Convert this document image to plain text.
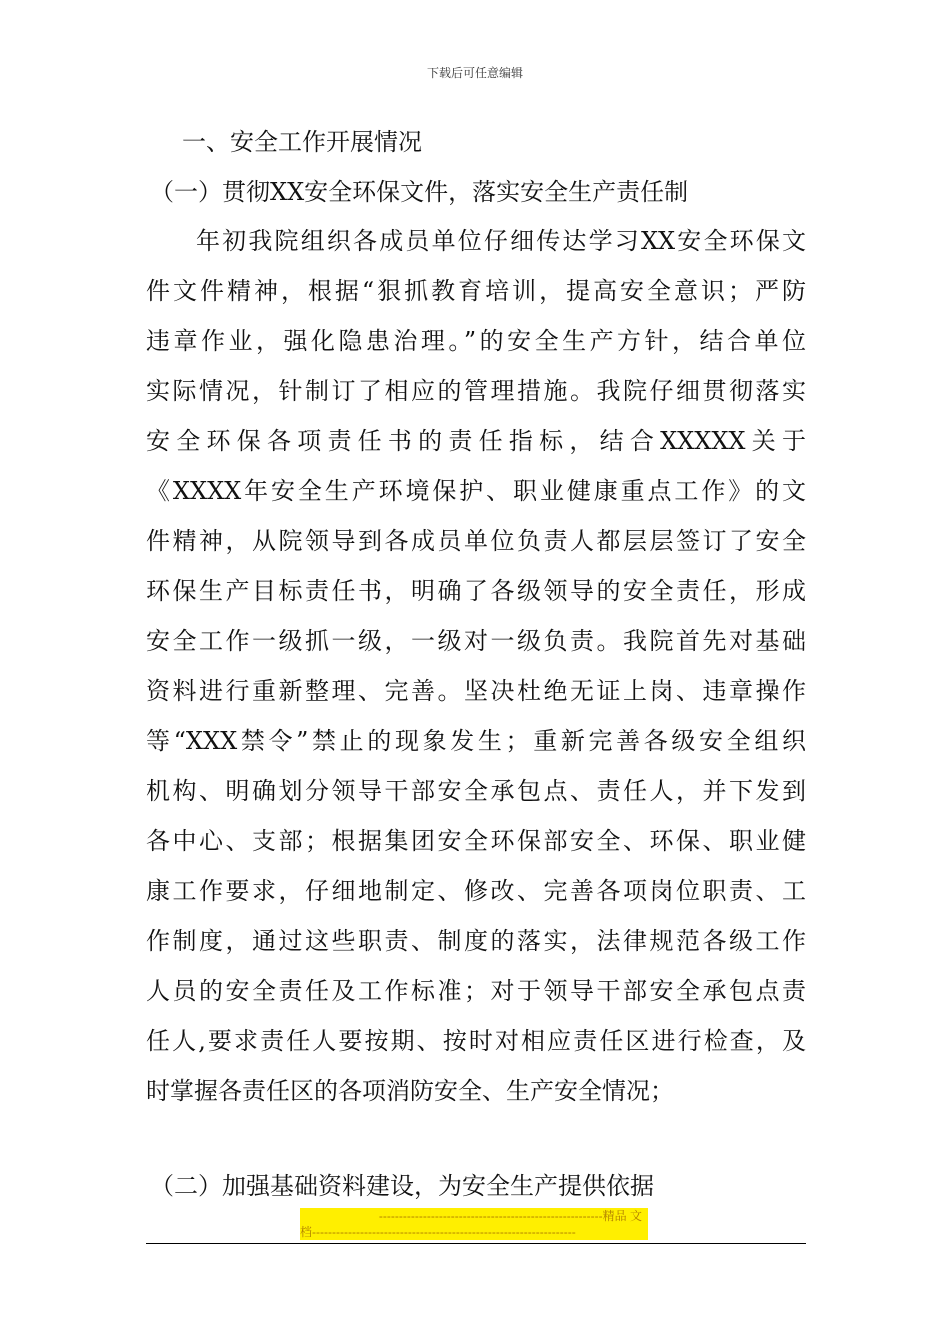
下载后可任意编辑
一、安全工作开展情况
（一）贯彻XX安全环保文件，落实安全生产责任制
年初我院组织各成员单位仔细传达学习XX安全环保文
件文件精神，根据“狠抓教育培训，提高安全意识；严防
违章作业，强化隐患治理。”的安全生产方针，结合单位
实际情况，针制订了相应的管理措施。我院仔细贯彻落实
安全环保各项责任书的责任指标，结合XXXXX关于
《XXXX年安全生产环境保护、职业健康重点工作》的文
件精神，从院领导到各成员单位负责人都层层签订了安全
环保生产目标责任书，明确了各级领导的安全责任，形成
安全工作一级抓一级，一级对一级负责。我院首先对基础
资料进行重新整理、完善。坚决杜绝无证上岗、违章操作
等“XXX禁令”禁止的现象发生；重新完善各级安全组织
机构、明确划分领导干部安全承包点、责任人，并下发到
各中心、支部；根据集团安全环保部安全、环保、职业健
康工作要求，仔细地制定、修改、完善各项岗位职责、工
作制度，通过这些职责、制度的落实，法律规范各级工作
人员的安全责任及工作标准；对于领导干部安全承包点责
任人,要求责任人要按期、按时对相应责任区进行检查，及
时掌握各责任区的各项消防安全、生产安全情况；
（二）加强基础资料建设，为安全生产提供依据
--------------------------------------------------------精品 文
档------------------------------------------------------------------
